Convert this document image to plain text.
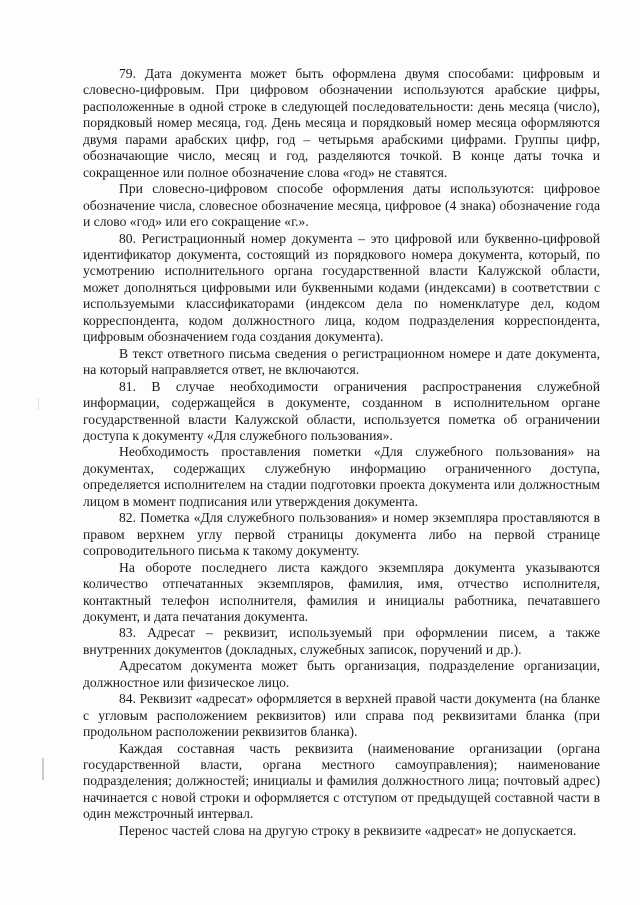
79. Дата документа может быть оформлена двумя способами: цифровым и словесно-цифровым. При цифровом обозначении используются арабские цифры, расположенные в одной строке в следующей последовательности: день месяца (число), порядковый номер месяца, год. День месяца и порядковый номер месяца оформляются двумя парами арабских цифр, год – четырьмя арабскими цифрами. Группы цифр, обозначающие число, месяц и год, разделяются точкой. В конце даты точка и сокращенное или полное обозначение слова «год» не ставятся.

При словесно-цифровом способе оформления даты используются: цифровое обозначение числа, словесное обозначение месяца, цифровое (4 знака) обозначение года и слово «год» или его сокращение «г.».

80. Регистрационный номер документа – это цифровой или буквенно-цифровой идентификатор документа, состоящий из порядкового номера документа, который, по усмотрению исполнительного органа государственной власти Калужской области, может дополняться цифровыми или буквенными кодами (индексами) в соответствии с используемыми классификаторами (индексом дела по номенклатуре дел, кодом корреспондента, кодом должностного лица, кодом подразделения корреспондента, цифровым обозначением года создания документа).

В текст ответного письма сведения о регистрационном номере и дате документа, на который направляется ответ, не включаются.

81. В случае необходимости ограничения распространения служебной информации, содержащейся в документе, созданном в исполнительном органе государственной власти Калужской области, используется пометка об ограничении доступа к документу «Для служебного пользования».

Необходимость проставления пометки «Для служебного пользования» на документах, содержащих служебную информацию ограниченного доступа, определяется исполнителем на стадии подготовки проекта документа или должностным лицом в момент подписания или утверждения документа.

82. Пометка «Для служебного пользования» и номер экземпляра проставляются в правом верхнем углу первой страницы документа либо на первой странице сопроводительного письма к такому документу.

На обороте последнего листа каждого экземпляра документа указываются количество отпечатанных экземпляров, фамилия, имя, отчество исполнителя, контактный телефон исполнителя, фамилия и инициалы работника, печатавшего документ, и дата печатания документа.

83. Адресат – реквизит, используемый при оформлении писем, а также внутренних документов (докладных, служебных записок, поручений и др.).

Адресатом документа может быть организация, подразделение организации, должностное или физическое лицо.

84. Реквизит «адресат» оформляется в верхней правой части документа (на бланке с угловым расположением реквизитов) или справа под реквизитами бланка (при продольном расположении реквизитов бланка).

Каждая составная часть реквизита (наименование организации (органа государственной власти, органа местного самоуправления); наименование подразделения; должностей; инициалы и фамилия должностного лица; почтовый адрес) начинается с новой строки и оформляется с отступом от предыдущей составной части в один межстрочный интервал.

Перенос частей слова на другую строку в реквизите «адресат» не допускается.
